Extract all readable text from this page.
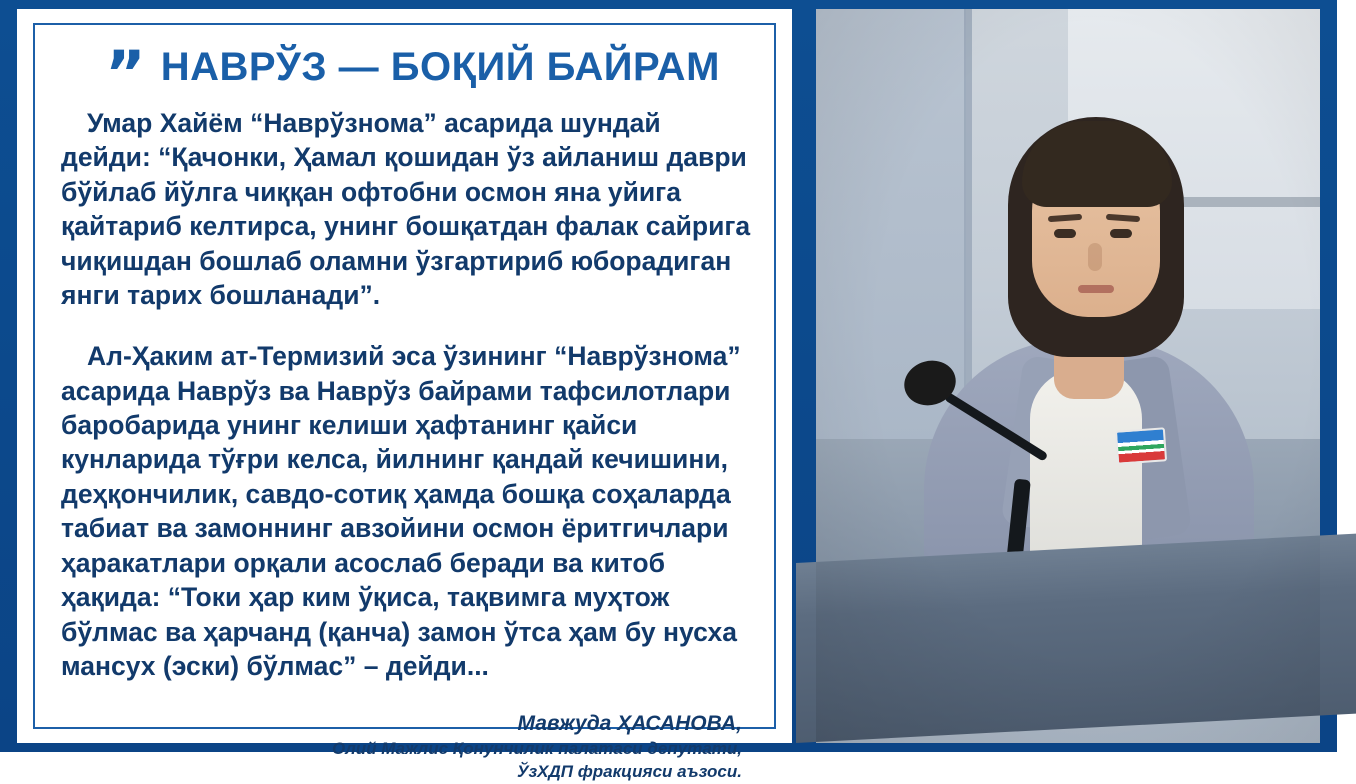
” НАВРЎЗ — БОҚИЙ БАЙРАМ

Умар Хайём “Наврўзнома” асарида шундай дейди: “Қачонки, Ҳамал қошидан ўз айланиш даври бўйлаб йўлга чиққан офтобни осмон яна уйига қайтариб келтирса, унинг бошқатдан фалак сайрига чиқишдан бошлаб оламни ўзгартириб юборадиган янги тарих бошланади”.

Ал-Ҳаким ат-Термизий эса ўзининг “Наврўзнома” асарида Наврўз ва Наврўз байрами тафсилотлари баробарида унинг келиши ҳафтанинг қайси кунларида тўғри келса, йилнинг қандай кечишини, деҳқончилик, савдо-сотиқ ҳамда бошқа соҳаларда табиат ва замоннинг авзойини осмон ёритгичлари ҳаракатлари орқали асослаб беради ва китоб ҳақида: “Токи ҳар ким ўқиса, тақвимга муҳтож бўлмас ва ҳарчанд (қанча) замон ўтса ҳам бу нусха мансух (эски) бўлмас” – дейди...

Мавжуда ҲАСАНОВА,
Олий Мажлис Қонунчилик палатаси депутати,
ЎзХДП фракцияси аъзоси.
